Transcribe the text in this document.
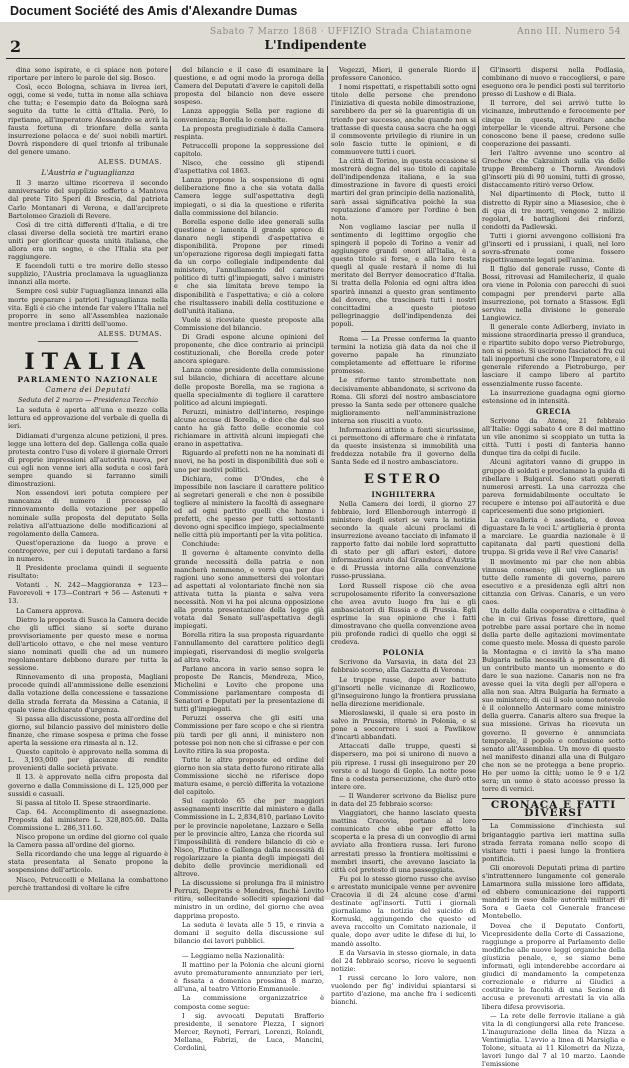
Document Société des Amis d'Alexandre Dumas
Sabato 7 Marzo 1868 · UFFIZIO Strada Chiatamone	Anno III. Numero 54
2	L'Indipendente

dina sono ispirate, e ci spiace non potere riportare per intero le parole del sig. Bosco.

Così, ecco Bologna, schiava in livrea ieri, oggi, come si vede, tutta in nome alla schiava che tutta; e l'esempio dato da Bologna sarà seguito da tutte le città d'Italia. Però, lo ripetiamo, all'imperatore Alessandro se avrà la fausta fortuna di trionfare della santa insurrezione polacca e de' suoi nobili martiri. Dovrà rispondere di quel trionfo al tribunale del genere umano.

ALESS. DUMAS.
L'Austria e l'uguaglianza

Il 3 marzo ultimo ricorreva il secondo anniversario del supplizio sofferto a Mantova dal prete Tito Speri di Brescia, dal patriota Carlo Montanari di Verona, e dall'arciprete Bartolomeo Grazioli di Revere.

Così di tre città differenti d'Italia, e di tre classi diverse della società tre martiri erano uniti per glorificar questa unità italiana, che allora era un sogno, e che l'Italia sta per raggiungere.

E facendoli tutti e tre morire dello stesso supplizio, l'Austria proclamava la uguaglianza innanzi alla morte.

Sempre così subir l'uguaglianza innanzi alla morte preparare i patrioti l'uguaglianza nella vita. Egli è ciò che intende far valere l'Italia nel proporre in seno all'Assemblea nazionale mentre proclama i diritti dell'uomo.

ALESS. DUMAS.
ITALIA
PARLAMENTO NAZIONALE
Camera dei Deputati
Seduta del 2 marzo — Presidenza Tecchio

La seduta è aperta all'una e mezzo colla lettura ed approvazione del verbale di quella di ieri.

Didiamati d'urgenza alcune petizioni, il pres. legge una lettera del dep. Gallenga colla quale protesta contro l'uso di volere il giornale Orrori di proprie impressioni all'autorità nuova, per cui egli non venne ieri alla seduta e così farà sempre quando si farranno simili dimostrazioni.

Non essendovi ieri potuta compiere per mancanza di numero il processo al rinnovamento della votazione per appello nominale sulla proposta del deputato Sella relativa all'attuazione delle modificazioni al regolamento della Camera.

Quest'operazione da luogo a prove e controprove, per cui i deputati tardano a farsi in numero.

Il Presidente proclama quindi il seguente risultato:

Votanti . N. 242—Maggioranza + 123—Favorevoli + 173—Contrari + 56 — Astenuti + 13.

La Camera approva.

Dietro la proposta di Susca la Camera decide che gli uffici siano si sorte durano provvisoriamente per questo mese e norma dell'articolo ottavo, e che nel mese venturo siano nominati quelli che ad un numero regolamentare debbono durare per tutta la sessione.

Rinnovamento di una proposta, Magliani procede quindi all'ammissione delle esenzioni dalla votazione della concessione e tassazione della strada ferrata da Messina a Catania, il quale viene dichiarato d'urgenza.

Si passa alla discussione, posta all'ordine del giorno, sul bilancio passivo del ministero delle finanze, che rimase sospesa e prima che fosse aperta la sessione era rimasta al n. 12.

Questo capitolo è approvato nella somma di L. 3,193,000 per giacenze di rendite provenienti dalle società private.

Il 13. è approvato nella cifra proposta dal governo e dalla Commissione di L. 125,000 per sussidi e casuali.

Si passa al titolo II. Spese straordinarie.

Cap. 64. Accomplimento di assegnazione. Proposta dal ministero L. 328,805.60. Dalla Commissione L. 286,311.60.

Nisco propone un ordine del giorno col quale la Camera passa all'ordine del giorno.

Sella ricordando che una legge al riguardo è stata presentata al Senato propone la sospensione dell'articolo.

Nisco, Petruccelli e Mellana la combattono perchè trattandosi di voltare le cifre

del bilancio e il caso di esaminare la questione, e ad ogni modo la proroga della Camera del Deputati d'avere le capitoli della proposta del bilancio non deve essere sospeso.

Lanza appoggia Sella per ragione di convenienza; Borella lo combatte.

La proposta pregiudiziale è dalla Camera respinta.

Petruccelli propone la soppressione del capitolo.

Nisco, che cessino gli stipendi d'aspettativa col 1863.

Lanza propone la sospensione di ogni deliberazione fino a che sia votata dalla Camera legge sull'aspettativa degli impiegati, o si dia la questione e riferita dalla commissione del bilancio.

Borella espone delle idee generali sulla questione e lamenta il grande spreco di danaro negli stipendi d'aspettativa e disponibilità. Propone per rimedi un'operazione rigorosa degli impiegati fatta da un corpo collegiale indipendente dal ministero, l'annullamento del carattere politico di tutti gl'impiegati, salvo i ministri e che sia limitata breve tempo la disponibilità e l'aspettativa; e ciò a colore che risultassero inabili della costituzione e dell'unità italiana.

Vuole si riceviate queste proposte alla Commissione del bilancio.

Di Gradi espone alcune opinioni del proponente, che dice contrario ai principii costituzionali, che Borella crede poter ancora spiegare.

Lanza come presidente della commissione sul bilancio, dichiara di accettare alcune delle proposte Borella, ma se ragiona a quella specialmente di togliere il carattere politico ad alcuni impiegati.

Peruzzi, ministro dell'interno, respinge alcune accuse di Borella, e dice che dal suo canto ha già fatto delle economie col richiamare in attività alcuni impiegati che erano in aspettativa.

Riguardo al prefetti non ne ha nominati di nuovi, ne ha posti in disponibilità due soli e uno per motivi politici.

Dichiara, come D'Ondes, che è impossibile non lasciare il carattere politico ai segretari generali e che non è possibile togliere al ministero la facoltà di assegnare ed ad ogni partito quelli che hanno i prefetti, che spesso per tutti sottostanti devono ogni specifico impiego, specialmente nelle città più importanti per la vita politica.

Conchiude:

Il governo è altamente convinto della grande necessità della patria e non mancherà nemmeno, e vorrà qua per due ragioni uno sono ammettersi dei volontari ad aspettati al volontariato finchè non sia attivata tutta la pianta e salva vera necessità. Non vi ha poi alcuna opposizione alla pronta presentazione della legge già votata dal Senato sull'aspettativa degli impiegati.

Borella ritira la sua proposta riguardante l'annullamento del carattere politico degli impiegati, riservandosi di meglio svolgerla ad altra volta.

Parlano ancora in vario senso sopra le proposte De Rancis, Mendreza, Mico, Michelini e Lovito che propone una Commissione parlamentare composta di Senatori e Deputati per la presentazione di tutti gl'impiegati.

Peruzzi osserva che gli esiti una Commissione per fare scopo e che si rientra più tardi per gli anni, il ministero non potesse poi non non che si cifrasse e per con Lovito ritira la sua proposta.

Tutte le altre proposte ed ordine del giorno non sia stata detto furono ritirate alla Commissione sicchè ne riferisce dopo matura esame, e perciò differita la votazione del capitolo.

Sul capitolo 65 che per maggiori assegnamenti inscritte dal ministero e dalla Commissione in L. 2,834,810, parlano Lovito per le provincie napoletane, Lazzaro e Sella per le provincie altro, Lanza che ricorda sul l'impossibilità di rendere bilancio di ciò e Nisco, Plutino e Gallenga dalla necessità di regolarizzare la pianta degli impiegati del debito delle provincie meridionali ed altrove.

La discussione si prolunga fra il ministro Perruzi, Depretis e Mendres, finchè Lovito ritira, sollecitando solleciti spiegazioni dal ministro in un ordine, del giorno che avea dapprima proposto.

La seduta è levata alle 5 15, e rinvia a domani il seguito della discussione sul bilancio dei lavori pubblici.

— Leggiamo nella Nazionalità:

Il mattino per la Polonia che alcuni giorni avuto prematuramente annunziato per ieri, è fissata a domenica prossima 8 marzo, all'una, al teatro Vittorio Emmanuele.

La commissione organizzatrice è composta come segue:

I sig. avvocati Deputati Brafferio presidente, il senatore Plezza, I signori Mercer, Reynoti, Ferrari, Lorenzi, Rolandi, Mellana, Fabrizi, de Luca, Mancini, Cordolini,

Vegezzi, Mieri, il generale Riordo il professore Canonico.

I nomi rispettati, e rispettabili sotto ogni titolo delle persone che prendono l'iniziativa di questa nobile dimostrazione, sarebbero da per sè la guarentigia di un trionfo per successo, anche quando non si trattasse di questa causa sacra che ha oggi il commovente privilegio di riunire in un solo fascio tutte le opinioni, e di commuovere tutti i cuori.

La città di Torino, in questa occasione si mostrerà degna del suo titolo di capitale dell'indipendenza italiana, e la sua dimostrazione in favore di questi eroici martiri del gran principio della nazionalità, sarà assai significativa poichè la sua reputazione d'amore per l'ordine è ben nota.

Non vogliamo lasciar per nulla il sentimento di legittimo orgoglio che spingerà il popolo di Torino a venir ad aggiungere grandi onori all'Italia, è a questo titolo si forse, e alla loro testa quegli al quale restarà il nome di lui meritato del Berryer democratico d'Italia. Si tratta della Polonia ed ogni altra idea sparirà innanzi a questo gran sentimento del dovere, che trascinerà tutti i nostri concittadini a questo pietoso pellegrinaggio dell'indipendenza dei popoli.

Roma — La Presse conferma la quanto termini la notizia già data da noi che il governo papale ha rinunziato completamente ad effettuare le riforme promesse.

Le riforme tanto strombettate non decisivamente abbandonate, si scrivono da Roma. Gli sforzi del nostro ambasciatore presso la Santa sede per ottenere qualche miglioramento nell'amministrazione interna son riusciti a vuoto.

Informazioni attinte a fonti sicurissime, ci permettono di affermare che è rinfatata da queste insistenza si immobilità una freddezza notabile fra il governo della Santa Sede ed il nostro ambasciatore.

ESTERO
INGHILTERRA

Nella Camera dei lordi, il giorno 27 febbraio, lord Ellenborough interrogò il ministero degli esteri se vera la notizia secondo la quale alcuni proclami di insurrezione aveano tacciato di infamato il rapporto fatto dai nobile lord soprattutto di stato per gli affari esteri, datore informazioni avuto dal Granduca d'Austria e di Prussia intorno alla convenzione russo-prussiana.

Lord Russell rispose ciò che avea scrupolosamente riferito la conversazione che avea avuto luogo fra lui e gli ambasciatori di Russia e di Prussia. Egli esprime la sua opinione che i fatti dimostravano che quella convenzione avea più profonde radici di quello che oggi si credeva.

POLONIA

Scrivono da Varsavia, in data del 23 febbraio scorso, alla Gazzetta di Verona:

Le truppe russe, dopo aver battuto gl'insorti nelle vicinanze di Rozlicowo, gl'inseguirono lungo la frontiera prussiana nella direzione meridionale.

Mieroslawski, il quale si era posto in salvo in Prussia, ritornò in Polonia, e si pone a soccorrere i suoi a Pawlikow d'incarti abbandati.

Attaccati dalle truppe, questi si dispersero, ma poi si unirono di nuovo a più riprese. I russi gli inseguirono per 20 verste e al luogo di Goplo. La notte pose fine a codesta persecuzione, che durò otto intere ore.

— Il Wanderer scrivono da Bielisz pure in data del 25 febbraio scorso:

Viaggiatori, che hanno lasciato questa mattina Cracovia, portano al loro comunicato che ebbe per effetto la scoperta e la presa di un convoglio di armi avviato alla frontiera russa. Ieri furono arrestati presso la frontiera moltissimi e membri insorti, che avevano lasciato la città col pretesto di una passeggiata.

Fu poi lo stesso giorno russo che avviso e arrestato municipale venne per avvenire Cracovia il di 24 alcune cose d'armi destinate agl'insorti. Tutti i giornali giornaliamo la notizia del suicidio di Kornuski, aggiungendo che questo ed aveva raccolto un Comitato nazionale, il quale, dopo aver udite le difese di lui, lo mandò assolto.

E da Varsavia in stesso giornale, in data del 24 febbraio scorso, riceve le seguenti notizie:

I russi cercano lo loro valore, non vuolendo per fig' individui spiantarsi si partito d'azione, ma anche fra i sedicenti bianchi.

Gl'insorti dispersi nella Podlasia, combinano di nuovo e raccogliersi, e pare eseguono ora le pendici posti sul territorio presso di Lushow e di Biala.

Il terrore, del sei arrivò tutte lo vicinanze, imbruttendo e ferocemente per cinque in questa, rivoltare anche interpellar le vicende altrui. Persone che conoscono bene il paese, credono sulle cooperazione dei passanti.

Ieri l'altro avvenne uno scontro al Grochow che Cakrainich sulla via delle truppe Bremberg e Thornn. Avendovi gl'insorti più di 90 uomini, tutti di grosso, distaccamento ritirò verso Orlow.

Nel dipartimento di Plock, tutto il distretto di Rypir sino a Miasesice, che è di qua di tre morti, vengono 2 milizie regolari, 4 battaglioni dei rinforzi, condotti da Padlewski.

Tutti i giorni avvengono collisioni fra gl'insorti ed i prussiani, i quali, nel loro sovra-sfrenate come fossero rispettivamente legati pell'anima.

Il figlio del generale russo, Conte di Bossi, ritrovasi ad Hamilecheriz, il quale ora viene in Polonia con parecchi di suoi compagni per prendervi parte alla insurrezione, poi tornato a Stassow. Egli serviva nella divisione le generale Langiewicz.

Il generale conte Adlerberg, inviato in missione straordinaria presso il granduca, e ripartito subito dopo verso Pietroburgo, non si pensò. Si uscirono fasciatoci fra cui tali inopportuni che sono l'Imperatore, e il generale riferendo a Pietroburgo, per lasciare il campo libero al partito essenzialmente russo facente.

La insurrezione guadagna ogni giorno estensione ed in intensità.

GRECIA

Scrivono da Atene, 21 febbraio all'Italie: Oggi sabato 4 ore 8 del mattino un vile anonimo si scoppiato un tutta la città. Tutti i posti di fanteria hanno dunque tira da colpi di fucile.

Alcuni agitatori vanno di gruppo in gruppo di soldati e proclamano la guida di ribellare i Bulgarol. Sono stati operati numerosi arresti. La una carrozza che pareva formidabilmente occultato le recupere e intenso poi all'autorità e due capricesementi due sono prigionieri.

La cavalleria è assediata, e dovea diguastare fa le voci L' artiglieria è pronta a marciare. Le guardia nazionale è il capitanata dal parti questioni della truppa. Si grida veve il Re! vive Canaris!

Il movimento mi par che non abbia vinnusa consenso; gli uni vogliono un tutte delle ramente di governo, parere esecutivo e a presidenza egli altri non cittanzia con Grivas. Canaris, e un vero caos.

Un dello dalla cooperativa e cittadina è che in cui Grivas fosse direttore, quel potrebbe pare assai portare che in nome della parte delle agitazioni movimentate come questo mele. Mossa di questo parole la Montagna e ci invitò la s'ha mano Bulgaria nella necessità a presentare di un contributo manto un momento e do dare le sua nazione. Canaris non ne fra avesse quei la vita degli per all'opera e alla non sua. Altra Bulgaria ha fermato a suo ministero; di cui il solo uomo notevole è il colonnello Antermaro come ministro della guerra. Canaris altero sua freque la sua missione. Grivas ha ricevuta un governo. Il governo è annunciata temporale, il popolo e confusione sotto senato all'Assemblea. Un movo di questo nel manifesto dinanzi alla una di Bulgaro che non se ne protegga a bene proprio. Ho per uomo la città; uomo le 9 e 1/2 sera; un uomo è stato accesso presso la torre di vernici.

CRONACA E FATTI DIVERSI

La Commissione d'inchiesta sul brigantaggio partiva ieri mattina sulla strada ferrata romana nello scopo di visitare tutti i paesi lungo la frontiera pontificia.

Gli onorevoli Deputati prima di partire s'intrattennero lungamente col generale Lamarmora sulla missione loro affidata, ed ebbero comunicazione dei rapporti mandati in esso dalle autorità militari di Sora e Gaeta col Generale francese Montebello.

Dovea che il Deputato Conforti, Vicepresidente della Corte di Cassazione, raggiunge a proporre al Parlamento delle modifiche alle nuove leggi organiche della giustizia penale, e, se siamo bene informati, egli intenderebbe accordare ai giudici di mandamento la competenza correzionale e ridurre ai Giudici a costituire le facoltà di una Sezione di accusa e prevenuti arrestati la via alla libera difesa provvisoria.

— La rete delle ferrovie italiane a già vita la di congiungersi alla rete francese. L'inaugurazione della linea da Nizza a Ventimiglia. L'avvio a linea di Marsiglia e Tolone, situata ai 11 Kilometri da Nizza, lavori lungo dal 7 al 10 marzo. Laonde l'emissione
